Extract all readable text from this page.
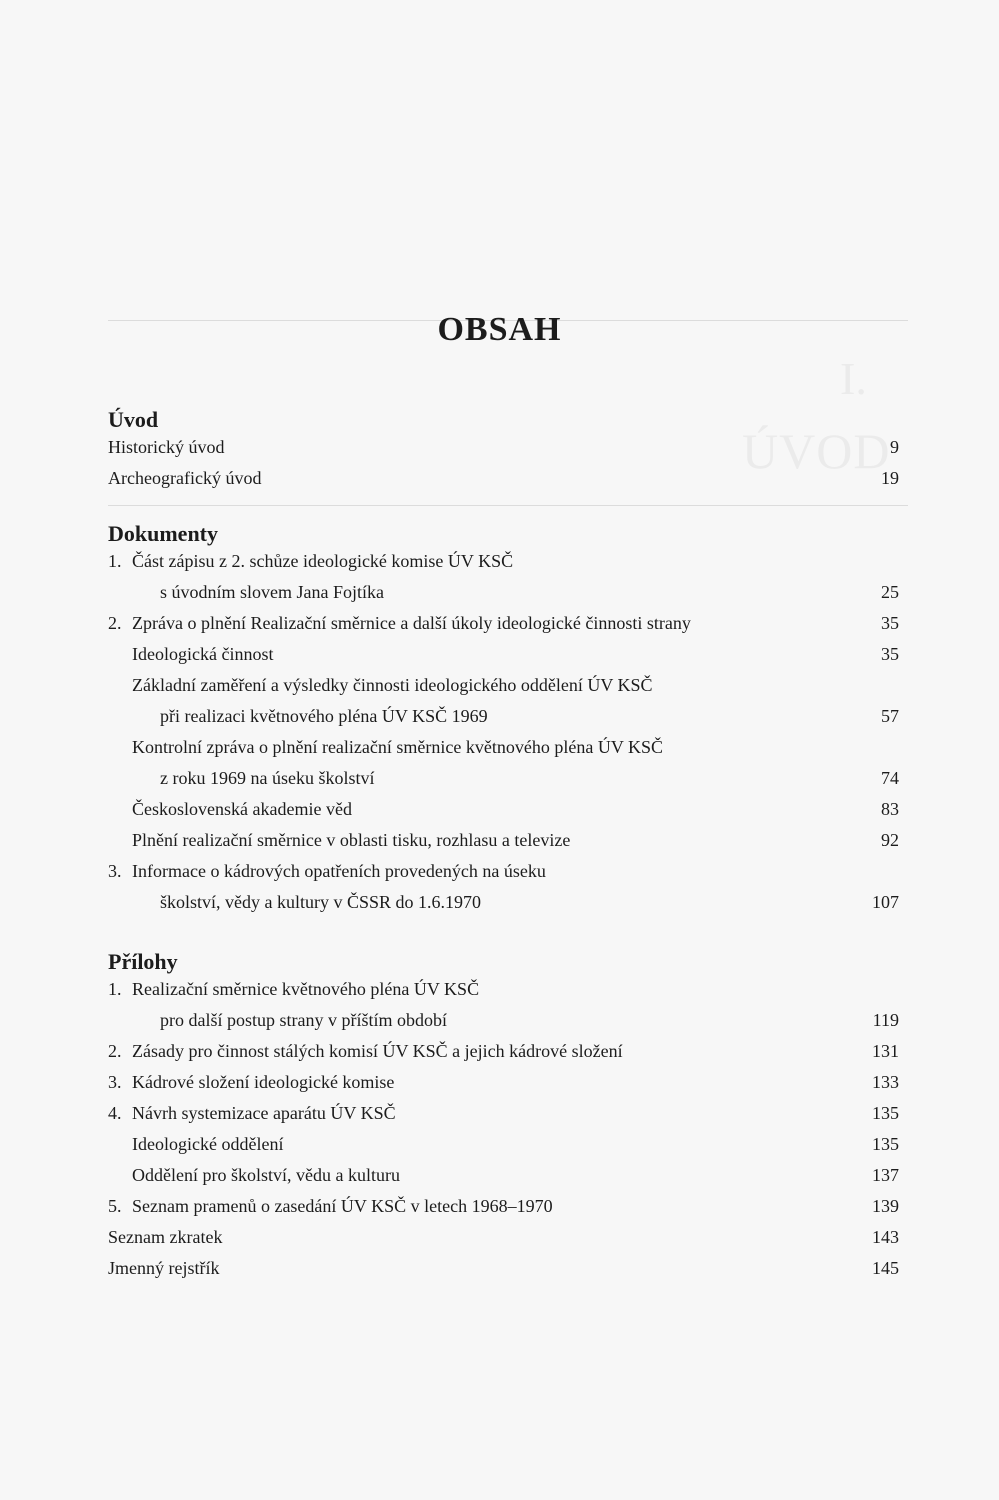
I.
ÚVOD
OBSAH
Úvod
Historický úvod	9
Archeografický úvod	19
Dokumenty
1. Část zápisu z 2. schůze ideologické komise ÚV KSČ
s úvodním slovem Jana Fojtíka	25
2. Zpráva o plnění Realizační směrnice a další úkoly ideologické činnosti strany	35
Ideologická činnost	35
Základní zaměření a výsledky činnosti ideologického oddělení ÚV KSČ
při realizaci květnového pléna ÚV KSČ 1969	57
Kontrolní zpráva o plnění realizační směrnice květnového pléna ÚV KSČ
z roku 1969 na úseku školství	74
Československá akademie věd	83
Plnění realizační směrnice v oblasti tisku, rozhlasu a televize	92
3. Informace o kádrových opatřeních provedených na úseku
školství, vědy a kultury v ČSSR do 1.6.1970	107
Přílohy
1. Realizační směrnice květnového pléna ÚV KSČ
pro další postup strany v příštím období	119
2. Zásady pro činnost stálých komisí ÚV KSČ a jejich kádrové složení	131
3. Kádrové složení ideologické komise	133
4. Návrh systemizace aparátu ÚV KSČ	135
Ideologické oddělení	135
Oddělení pro školství, vědu a kulturu	137
5. Seznam pramenů o zasedání ÚV KSČ v letech 1968–1970	139
Seznam zkratek	143
Jmenný rejstřík	145
